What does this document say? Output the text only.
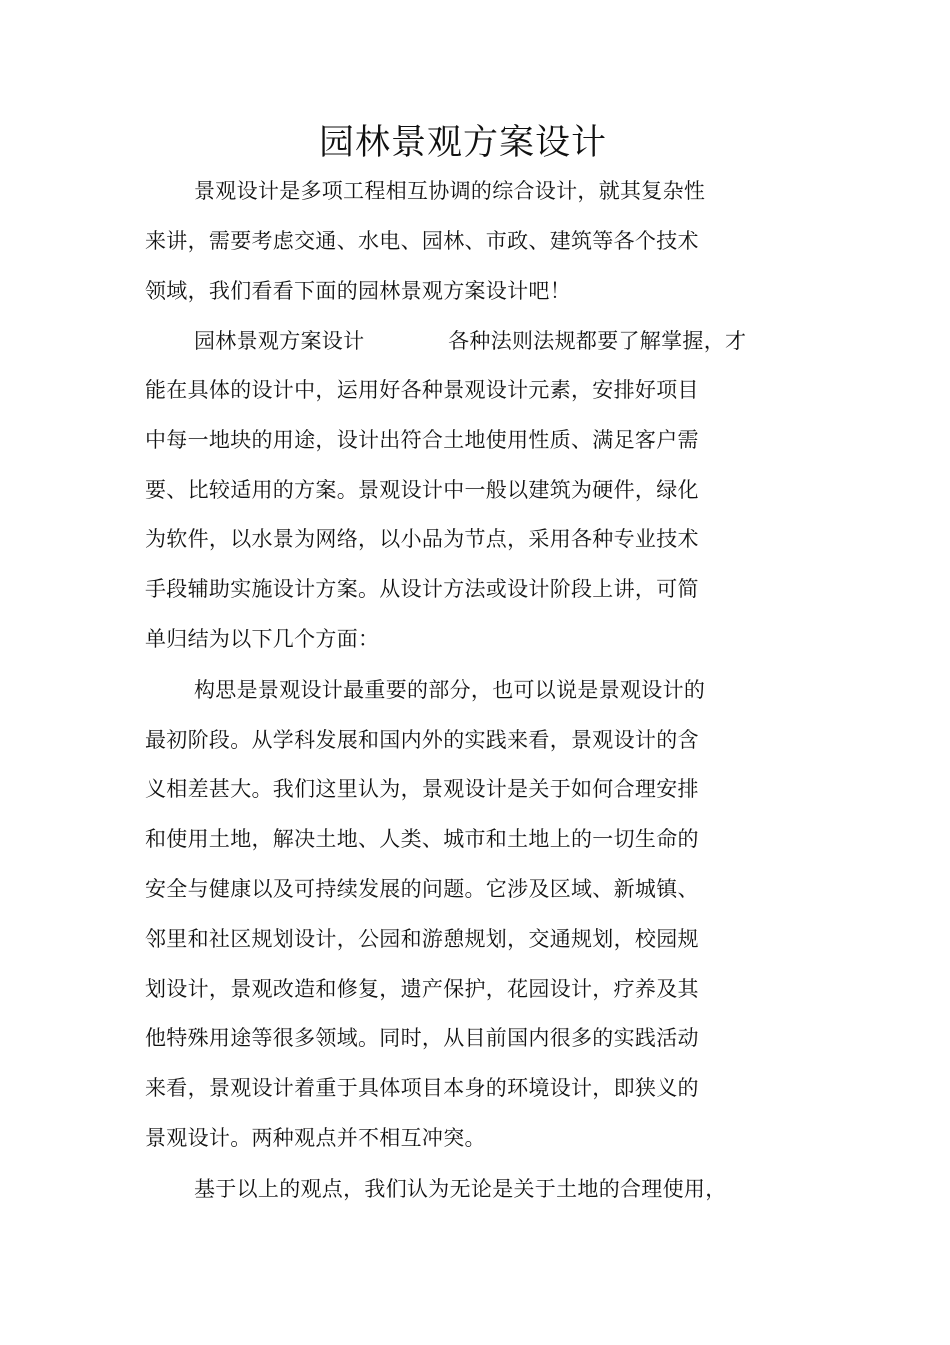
园林景观方案设计
景观设计是多项工程相互协调的综合设计，就其复杂性
来讲，需要考虑交通、水电、园林、市政、建筑等各个技术
领域，我们看看下面的园林景观方案设计吧！
园林景观方案设计            各种法则法规都要了解掌握，才
能在具体的设计中，运用好各种景观设计元素，安排好项目
中每一地块的用途，设计出符合土地使用性质、满足客户需
要、比较适用的方案。景观设计中一般以建筑为硬件，绿化
为软件，以水景为网络，以小品为节点，采用各种专业技术
手段辅助实施设计方案。从设计方法或设计阶段上讲，可简
单归结为以下几个方面：
构思是景观设计最重要的部分，也可以说是景观设计的
最初阶段。从学科发展和国内外的实践来看，景观设计的含
义相差甚大。我们这里认为，景观设计是关于如何合理安排
和使用土地，解决土地、人类、城市和土地上的一切生命的
安全与健康以及可持续发展的问题。它涉及区域、新城镇、
邻里和社区规划设计，公园和游憩规划，交通规划，校园规
划设计，景观改造和修复，遗产保护，花园设计，疗养及其
他特殊用途等很多领域。同时，从目前国内很多的实践活动
来看，景观设计着重于具体项目本身的环境设计，即狭义的
景观设计。两种观点并不相互冲突。
基于以上的观点，我们认为无论是关于土地的合理使用，
